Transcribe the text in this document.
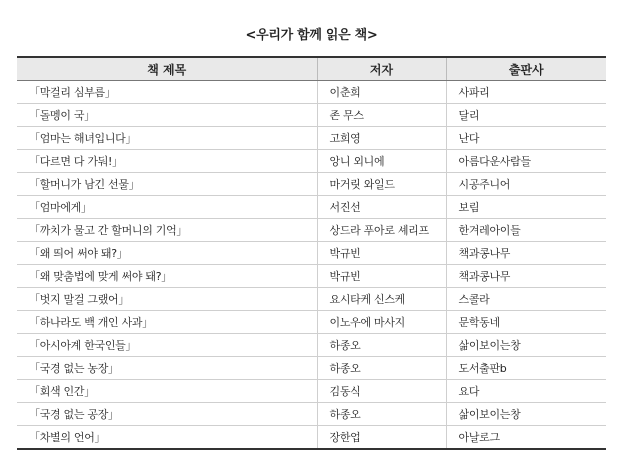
<우리가 함께 읽은 책>
책 제목	저자	출판사
「막걸리 심부름」	이춘희	사파리
「돌멩이 국」	존 무스	달리
「엄마는 해녀입니다」	고희영	난다
「다르면 다 가둬!」	앙니 외니에	아름다운사람들
「할머니가 남긴 선물」	마거릿 와일드	시공주니어
「엄마에게」	서진선	보림
「까치가 물고 간 할머니의 기억」	상드라 푸아로 셰리프	한겨레아이들
「왜 띄어 써야 돼?」	박규빈	책과콩나무
「왜 맞춤법에 맞게 써야 돼?」	박규빈	책과콩나무
「벗지 말걸 그랬어」	요시타케 신스케	스콜라
「하나라도 백 개인 사과」	이노우에 마사지	문학동네
「아시아계 한국인들」	하종오	삶이보이는창
「국경 없는 농장」	하종오	도서출판b
「회색 인간」	김동식	요다
「국경 없는 공장」	하종오	삶이보이는창
「차별의 언어」	장한업	아날로그
